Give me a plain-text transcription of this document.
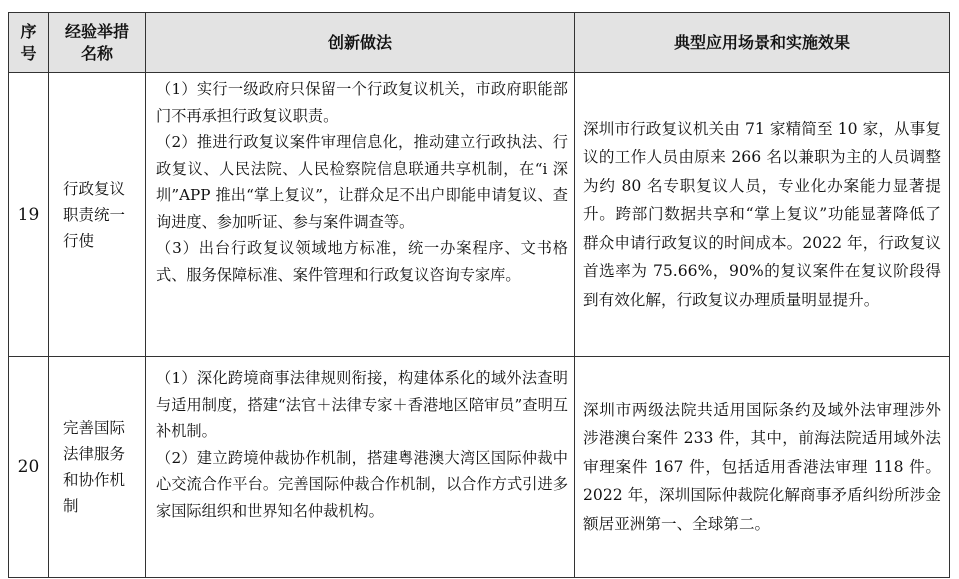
序号	经验举措名称	创新做法	典型应用场景和实施效果
19	行政复议职责统一行使	（1）实行一级政府只保留一个行政复议机关，市政府职能部门不再承担行政复议职责。
（2）推进行政复议案件审理信息化，推动建立行政执法、行政复议、人民法院、人民检察院信息联通共享机制，在“i 深圳”APP 推出“掌上复议”，让群众足不出户即能申请复议、查询进度、参加听证、参与案件调查等。
（3）出台行政复议领域地方标准，统一办案程序、文书格式、服务保障标准、案件管理和行政复议咨询专家库。	深圳市行政复议机关由 71 家精简至 10 家，从事复议的工作人员由原来 266 名以兼职为主的人员调整为约 80 名专职复议人员，专业化办案能力显著提升。跨部门数据共享和“掌上复议”功能显著降低了群众申请行政复议的时间成本。2022 年，行政复议首选率为 75.66%，90%的复议案件在复议阶段得到有效化解，行政复议办理质量明显提升。
20	完善国际法律服务和协作机制	（1）深化跨境商事法律规则衔接，构建体系化的域外法查明与适用制度，搭建“法官＋法律专家＋香港地区陪审员”查明互补机制。
（2）建立跨境仲裁协作机制，搭建粤港澳大湾区国际仲裁中心交流合作平台。完善国际仲裁合作机制，以合作方式引进多家国际组织和世界知名仲裁机构。	深圳市两级法院共适用国际条约及域外法审理涉外涉港澳台案件 233 件，其中，前海法院适用域外法审理案件 167 件，包括适用香港法审理 118 件。2022 年，深圳国际仲裁院化解商事矛盾纠纷所涉金额居亚洲第一、全球第二。
